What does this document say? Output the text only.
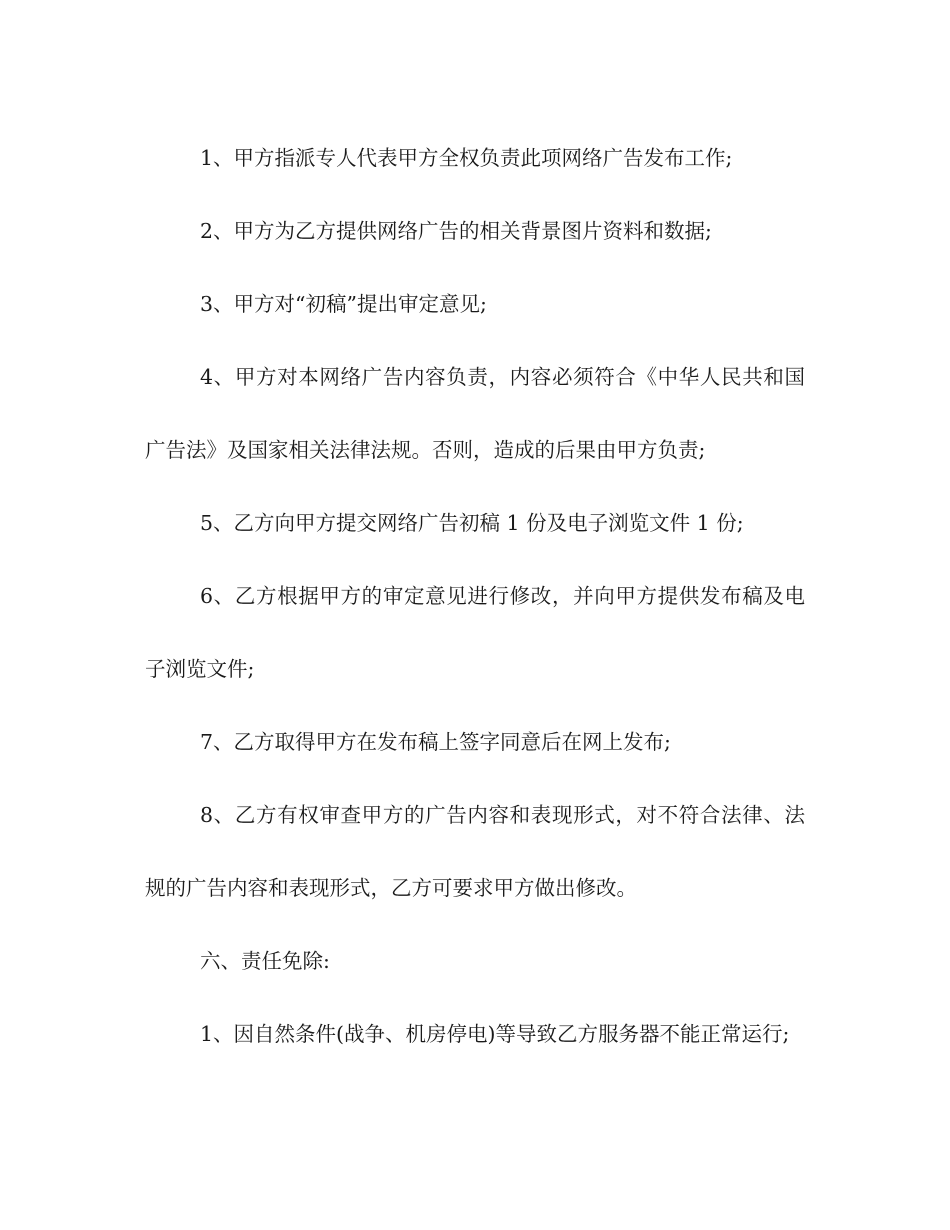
1、甲方指派专人代表甲方全权负责此项网络广告发布工作;

2、甲方为乙方提供网络广告的相关背景图片资料和数据;

3、甲方对“初稿”提出审定意见;

4、甲方对本网络广告内容负责，内容必须符合《中华人民共和国广告法》及国家相关法律法规。否则，造成的后果由甲方负责;

5、乙方向甲方提交网络广告初稿 1 份及电子浏览文件 1 份;

6、乙方根据甲方的审定意见进行修改，并向甲方提供发布稿及电子浏览文件;

7、乙方取得甲方在发布稿上签字同意后在网上发布;

8、乙方有权审查甲方的广告内容和表现形式，对不符合法律、法规的广告内容和表现形式，乙方可要求甲方做出修改。

六、责任免除:

1、因自然条件(战争、机房停电)等导致乙方服务器不能正常运行;
